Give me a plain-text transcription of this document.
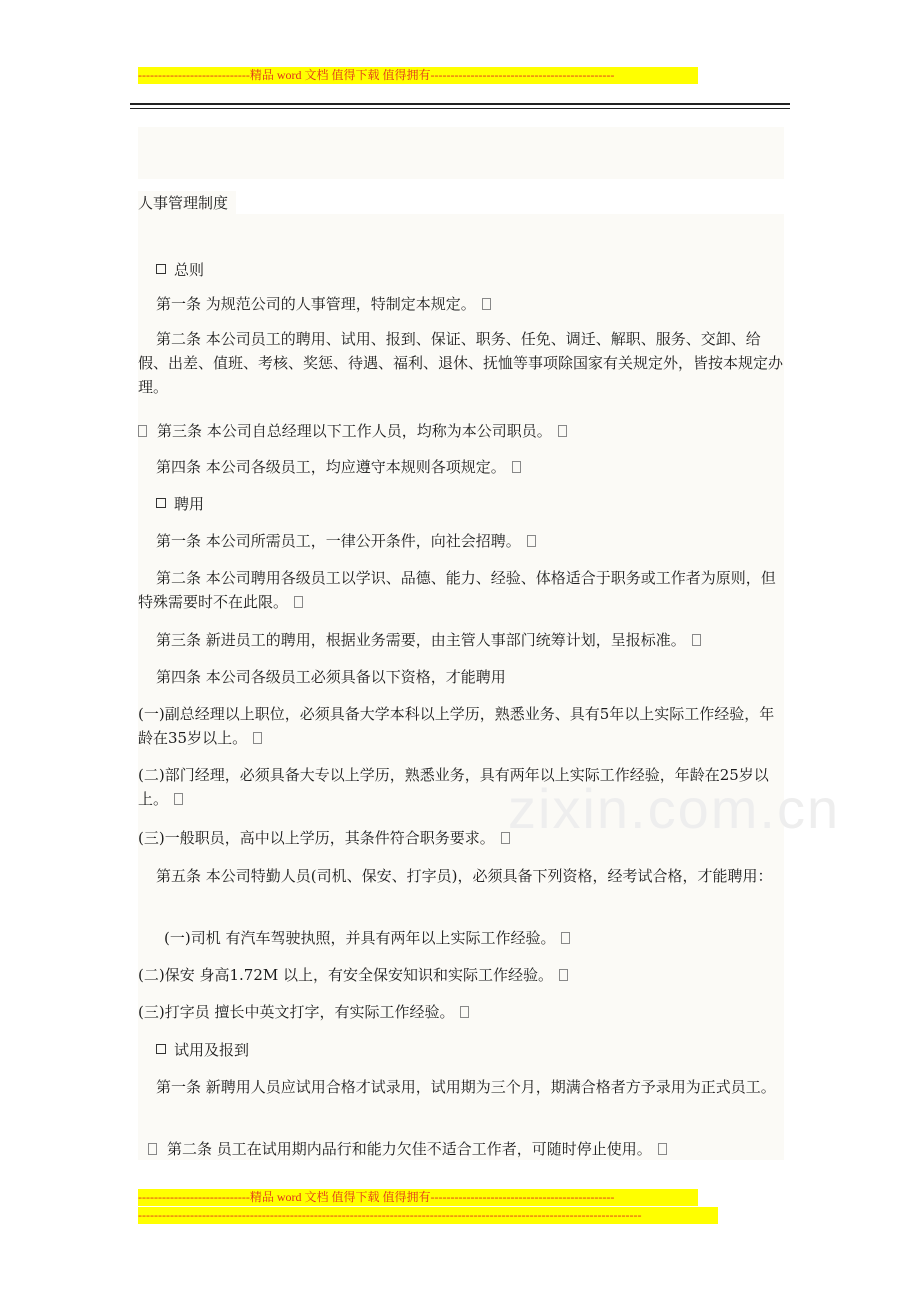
----------------------------精品 word 文档 值得下载 值得拥有----------------------------------------------
人事管理制度
zixin.com.cn

总则

第一条 为规范公司的人事管理，特制定本规定。

第二条 本公司员工的聘用、试用、报到、保证、职务、任免、调迁、解职、服务、交卸、给假、出差、值班、考核、奖惩、待遇、福利、退休、抚恤等事项除国家有关规定外，皆按本规定办理。

第三条 本公司自总经理以下工作人员，均称为本公司职员。

第四条 本公司各级员工，均应遵守本规则各项规定。

聘用

第一条 本公司所需员工，一律公开条件，向社会招聘。

第二条 本公司聘用各级员工以学识、品德、能力、经验、体格适合于职务或工作者为原则，但特殊需要时不在此限。

第三条 新进员工的聘用，根据业务需要，由主管人事部门统筹计划，呈报标准。

第四条 本公司各级员工必须具备以下资格，才能聘用

(一)副总经理以上职位，必须具备大学本科以上学历，熟悉业务、具有5年以上实际工作经验，年龄在35岁以上。

(二)部门经理，必须具备大专以上学历，熟悉业务，具有两年以上实际工作经验，年龄在25岁以上。

(三)一般职员，高中以上学历，其条件符合职务要求。

第五条 本公司特勤人员(司机、保安、打字员)，必须具备下列资格，经考试合格，才能聘用：

(一)司机 有汽车驾驶执照，并具有两年以上实际工作经验。

(二)保安 身高1.72M 以上，有安全保安知识和实际工作经验。

(三)打字员 擅长中英文打字，有实际工作经验。

试用及报到

第一条 新聘用人员应试用合格才试录用，试用期为三个月，期满合格者方予录用为正式员工。

第二条 员工在试用期内品行和能力欠佳不适合工作者，可随时停止使用。

----------------------------精品 word 文档 值得下载 值得拥有----------------------------------------------
------------------------------------------------------------------------------------------------------------------------------
